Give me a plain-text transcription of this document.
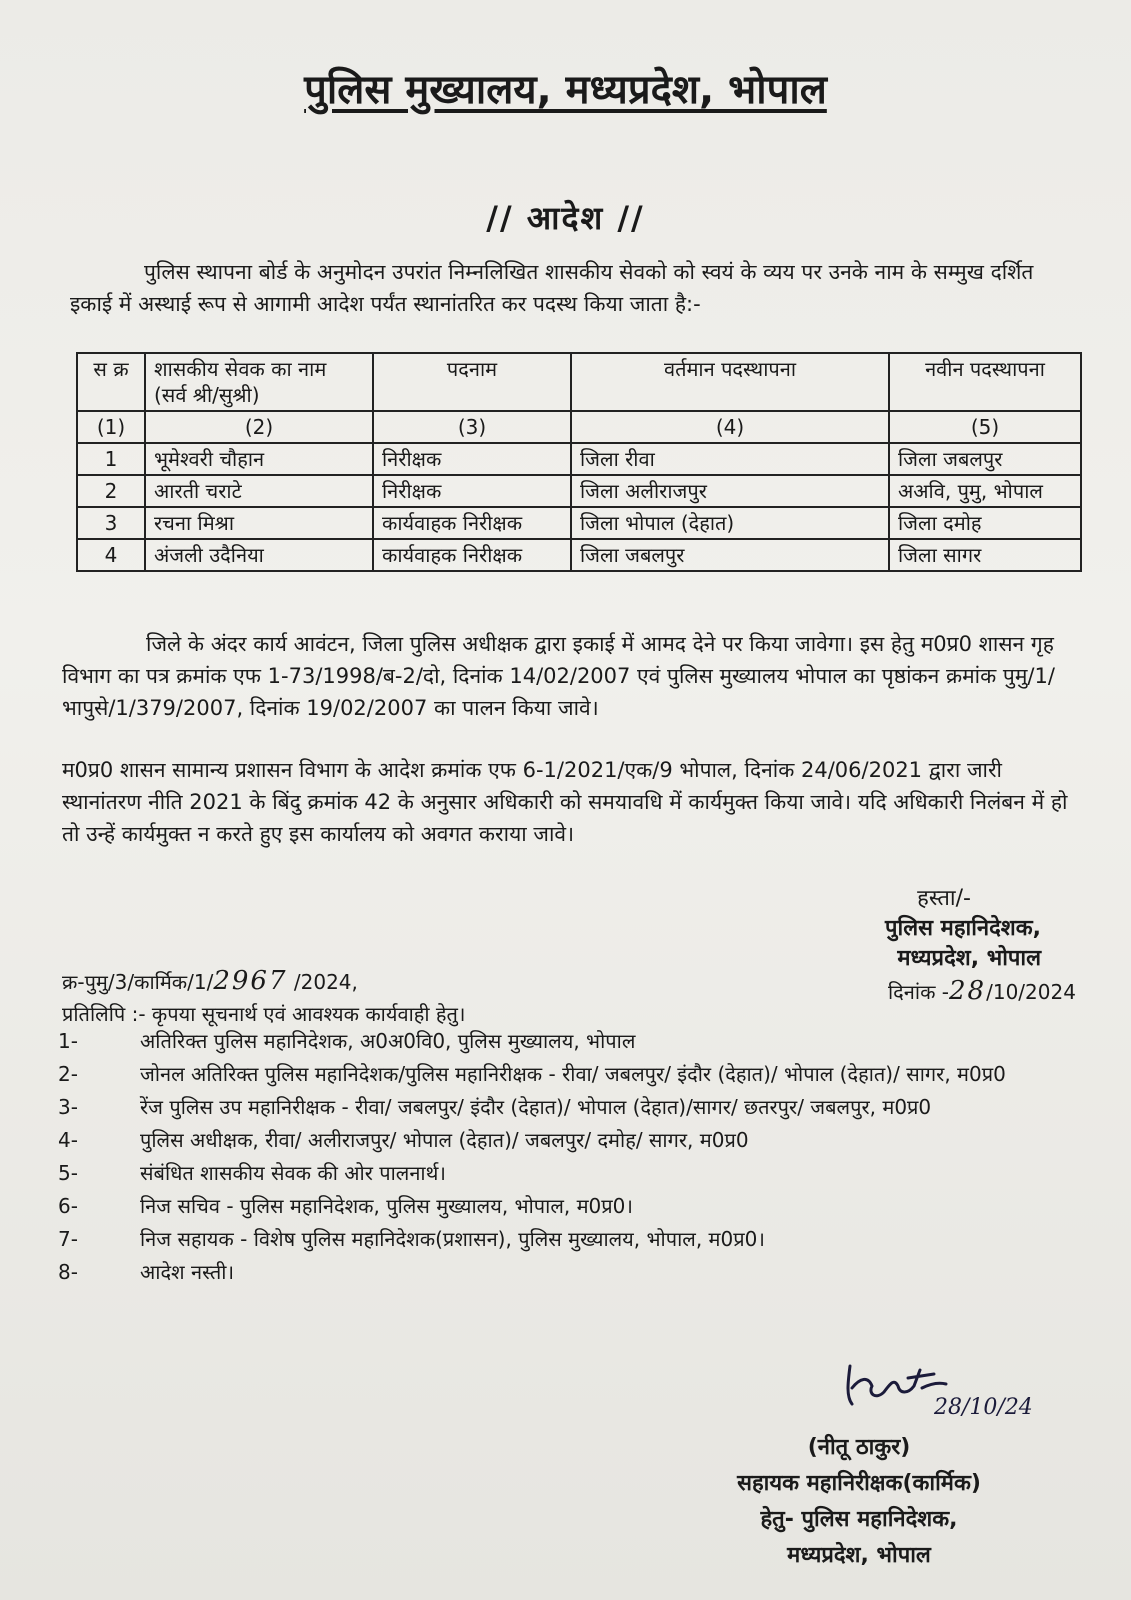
पुलिस मुख्यालय, मध्यप्रदेश, भोपाल
// आदेश //
पुलिस स्थापना बोर्ड के अनुमोदन उपरांत निम्नलिखित शासकीय सेवको को स्वयं के व्यय पर उनके नाम के सम्मुख दर्शित इकाई में अस्थाई रूप से आगामी आदेश पर्यंत स्थानांतरित कर पदस्थ किया जाता है:-
स क्र	शासकीय सेवक का नाम (सर्व श्री/सुश्री)	पदनाम	वर्तमान पदस्थापना	नवीन पदस्थापना
(1)	(2)	(3)	(4)	(5)
1	भूमेश्वरी चौहान	निरीक्षक	जिला रीवा	जिला जबलपुर
2	आरती चराटे	निरीक्षक	जिला अलीराजपुर	अअवि, पुमु, भोपाल
3	रचना मिश्रा	कार्यवाहक निरीक्षक	जिला भोपाल (देहात)	जिला दमोह
4	अंजली उदैनिया	कार्यवाहक निरीक्षक	जिला जबलपुर	जिला सागर
जिले के अंदर कार्य आवंटन, जिला पुलिस अधीक्षक द्वारा इकाई में आमद देने पर किया जावेगा। इस हेतु म0प्र0 शासन गृह विभाग का पत्र क्रमांक एफ 1-73/1998/ब-2/दो, दिनांक 14/02/2007 एवं पुलिस मुख्यालय भोपाल का पृष्ठांकन क्रमांक पुमु/1/भापुसे/1/379/2007, दिनांक 19/02/2007 का पालन किया जावे।
म0प्र0 शासन सामान्य प्रशासन विभाग के आदेश क्रमांक एफ 6-1/2021/एक/9 भोपाल, दिनांक 24/06/2021 द्वारा जारी स्थानांतरण नीति 2021 के बिंदु क्रमांक 42 के अनुसार अधिकारी को समयावधि में कार्यमुक्त किया जावे। यदि अधिकारी निलंबन में हो तो उन्हें कार्यमुक्त न करते हुए इस कार्यालय को अवगत कराया जावे।
हस्ता/-
पुलिस महानिदेशक,
मध्यप्रदेश, भोपाल
क्र-पुमु/3/कार्मिक/1/2967 /2024,	दिनांक -28/10/2024
प्रतिलिपि :- कृपया सूचनार्थ एवं आवश्यक कार्यवाही हेतु।
1-	अतिरिक्त पुलिस महानिदेशक, अ0अ0वि0, पुलिस मुख्यालय, भोपाल
2-	जोनल अतिरिक्त पुलिस महानिदेशक/पुलिस महानिरीक्षक - रीवा/ जबलपुर/ इंदौर (देहात)/ भोपाल (देहात)/ सागर, म0प्र0
3-	रेंज पुलिस उप महानिरीक्षक - रीवा/ जबलपुर/ इंदौर (देहात)/ भोपाल (देहात)/सागर/ छतरपुर/ जबलपुर, म0प्र0
4-	पुलिस अधीक्षक, रीवा/ अलीराजपुर/ भोपाल (देहात)/ जबलपुर/ दमोह/ सागर, म0प्र0
5-	संबंधित शासकीय सेवक की ओर पालनार्थ।
6-	निज सचिव - पुलिस महानिदेशक, पुलिस मुख्यालय, भोपाल, म0प्र0।
7-	निज सहायक - विशेष पुलिस महानिदेशक(प्रशासन), पुलिस मुख्यालय, भोपाल, म0प्र0।
8-	आदेश नस्ती।
28/10/24
(नीतू ठाकुर)
सहायक महानिरीक्षक(कार्मिक)
हेतु- पुलिस महानिदेशक,
मध्यप्रदेश, भोपाल
